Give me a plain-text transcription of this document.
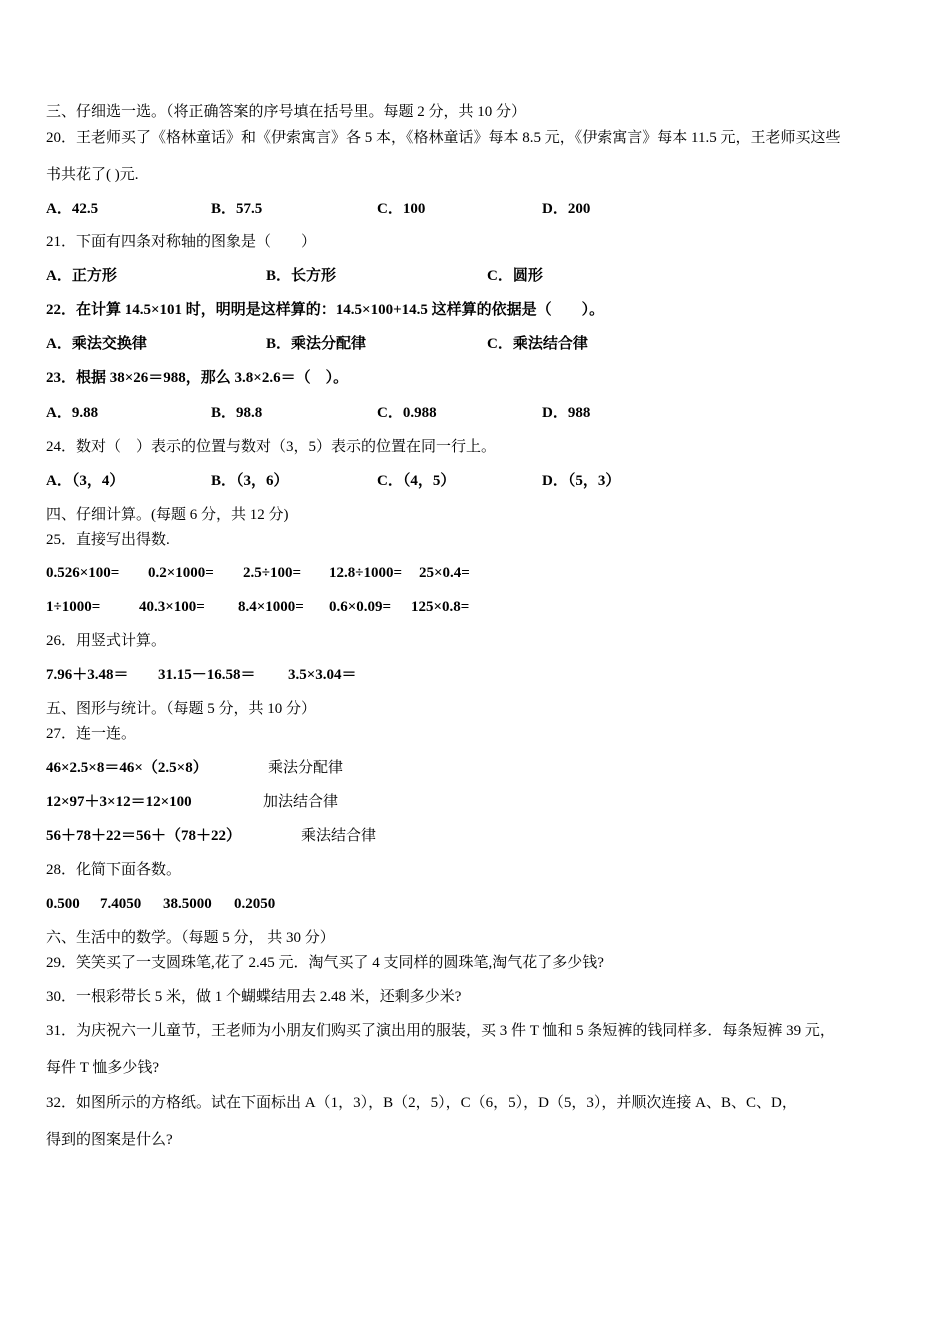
三、仔细选一选。（将正确答案的序号填在括号里。每题 2 分，共 10 分）
20．王老师买了《格林童话》和《伊索寓言》各 5 本，《格林童话》每本 8.5 元，《伊索寓言》每本 11.5 元，王老师买这些
书共花了( )元.
A．42.5	B．57.5	C．100	D．200
21．下面有四条对称轴的图象是（　　）
A．正方形	B．长方形	C．圆形
22．在计算 14.5×101 时，明明是这样算的：14.5×100+14.5 这样算的依据是（　　）。
A．乘法交换律	B．乘法分配律	C．乘法结合律
23．根据 38×26＝988，那么 3.8×2.6＝（　）。
A．9.88	B．98.8	C．0.988	D．988
24．数对（　）表示的位置与数对（3，5）表示的位置在同一行上。
A．（3，4）	B．（3，6）	C．（4，5）	D．（5，3）
四、仔细计算。(每题 6 分，共 12 分)
25．直接写出得数.
0.526×100= 0.2×1000= 2.5÷100= 12.8÷1000= 25×0.4=
1÷1000=	40.3×100= 8.4×1000= 0.6×0.09= 125×0.8=
26．用竖式计算。
7.96＋3.48＝ 31.15－16.58＝ 3.5×3.04＝
五、图形与统计。（每题 5 分，共 10 分）
27．连一连。
46×2.5×8＝46×（2.5×8）	乘法分配律
12×97＋3×12＝12×100	加法结合律
56＋78＋22＝56＋（78＋22）	乘法结合律
28．化简下面各数。
0.500 7.4050 38.5000 0.2050
六、生活中的数学。（每题 5 分， 共 30 分）
29．笑笑买了一支圆珠笔,花了 2.45 元．淘气买了 4 支同样的圆珠笔,淘气花了多少钱?
30．一根彩带长 5 米，做 1 个蝴蝶结用去 2.48 米，还剩多少米?
31．为庆祝六一儿童节，王老师为小朋友们购买了演出用的服装，买 3 件 T 恤和 5 条短裤的钱同样多．每条短裤 39 元，
每件 T 恤多少钱?
32．如图所示的方格纸。试在下面标出 A（1，3），B（2，5），C（6，5），D（5，3），并顺次连接 A、B、C、D，
得到的图案是什么?
